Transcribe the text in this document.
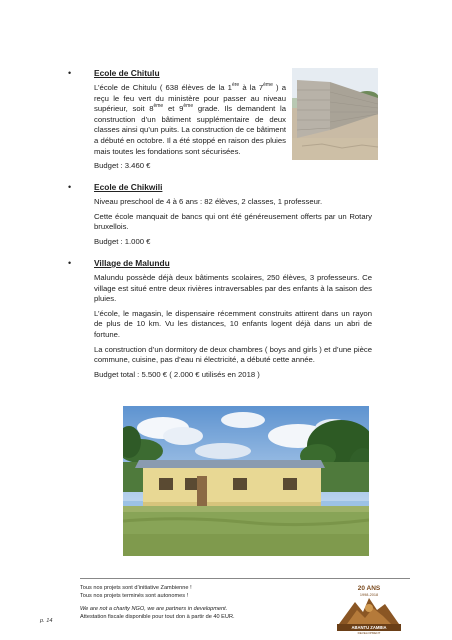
•	Ecole de Chitulu

L’école de Chitulu ( 638 élèves de la 1ère à la 7ème ) a reçu le feu vert du ministère pour passer au niveau supérieur, soit 8ème et 9ème grade. Ils demandent la construction d’un bâtiment supplémentaire de deux classes ainsi qu’un puits. La construction de ce bâtiment a débuté en octobre. Il a été stoppé en raison des pluies mais toutes les fondations sont sécurisées.

Budget : 3.460 €

•	Ecole de Chikwili

Niveau preschool de 4 à 6 ans : 82 élèves, 2 classes, 1 professeur.

Cette école manquait de bancs qui ont été généreusement offerts par un Rotary bruxellois.

Budget : 1.000 €

•	Village de Malundu

Malundu possède déjà deux bâtiments scolaires, 250 élèves, 3 professeurs. Ce village est situé entre deux rivières intraversables par des enfants à la saison des pluies.

L’école, le magasin, le dispensaire récemment construits attirent dans un rayon de plus de 10 km. Vu les distances, 10 enfants logent déjà dans un abri de fortune.

La construction d’un dormitory de deux chambres ( boys and girls ) et d’une pièce commune, cuisine, pas d’eau ni électricité, a débuté cette année.

Budget total : 5.500 € ( 2.000 € utilisés en 2018 )

Tous nos projets sont d’initiative Zambienne !
Tous nos projets terminés sont autonomes !
We are not a charity NGO, we are partners in development.
Attestation fiscale disponible pour tout don à partir de 40 EUR.
p. 14
20 ANS
1998-2018
ABANTU ZAMBIA
DEVELOPMENT
